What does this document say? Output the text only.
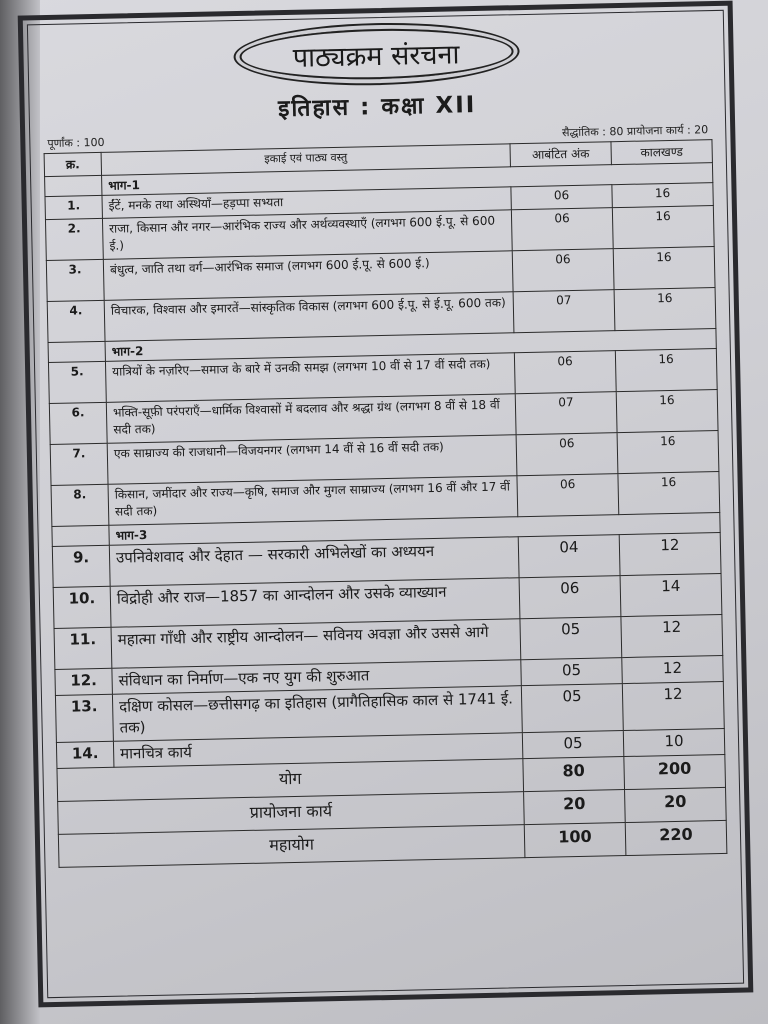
पाठ्यक्रम संरचना
इतिहास : कक्षा XII
पूर्णांक : 100
सैद्धांतिक : 80 प्रायोजना कार्य : 20
क्र.	इकाई एवं पाठ्य वस्तु	आबंटित अंक	कालखण्ड
	भाग-1		
1.	ईंटें, मनके तथा अस्थियाँ—हड़प्पा सभ्यता	06	16
2.	राजा, किसान और नगर—आरंभिक राज्य और अर्थव्यवस्थाएँ (लगभग 600 ई.पू. से 600 ई.)	06	16
3.	बंधुत्व, जाति तथा वर्ग—आरंभिक समाज (लगभग 600 ई.पू. से 600 ई.)	06	16
4.	विचारक, विश्वास और इमारतें—सांस्कृतिक विकास (लगभग 600 ई.पू. से ई.पू. 600 तक)	07	16
	भाग-2		
5.	यात्रियों के नज़रिए—समाज के बारे में उनकी समझ (लगभग 10 वीं से 17 वीं सदी तक)	06	16
6.	भक्ति-सूफ़ी परंपराएँ—धार्मिक विश्वासों में बदलाव और श्रद्धा ग्रंथ (लगभग 8 वीं से 18 वीं सदी तक)	07	16
7.	एक साम्राज्य की राजधानी—विजयनगर (लगभग 14 वीं से 16 वीं सदी तक)	06	16
8.	किसान, जमींदार और राज्य—कृषि, समाज और मुगल साम्राज्य (लगभग 16 वीं और 17 वीं सदी तक)	06	16
	भाग-3		
9.	उपनिवेशवाद और देहात — सरकारी अभिलेखों का अध्ययन	04	12
10.	विद्रोही और राज—1857 का आन्दोलन और उसके व्याख्यान	06	14
11.	महात्मा गाँधी और राष्ट्रीय आन्दोलन— सविनय अवज्ञा और उससे आगे	05	12
12.	संविधान का निर्माण—एक नए युग की शुरुआत	05	12
13.	दक्षिण कोसल—छत्तीसगढ़ का इतिहास (प्रागैतिहासिक काल से 1741 ई. तक)	05	12
14.	मानचित्र कार्य	05	10
योग		80	200
प्रायोजना कार्य		20	20
महायोग		100	220
